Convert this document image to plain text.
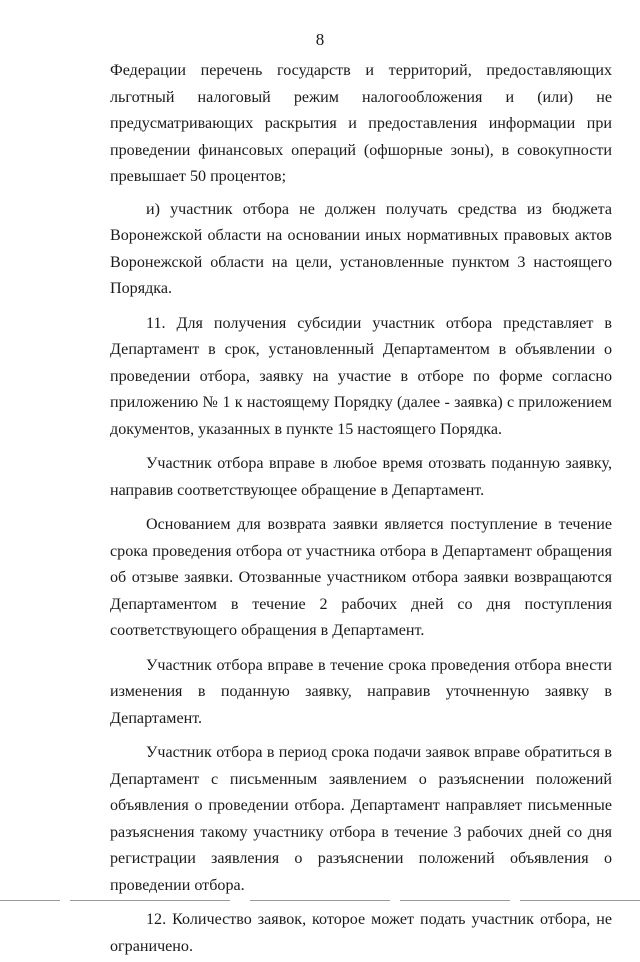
8

Федерации перечень государств и территорий, предоставляющих льготный налоговый режим налогообложения и (или) не предусматривающих раскрытия и предоставления информации при проведении финансовых операций (офшорные зоны), в совокупности превышает 50 процентов;

и) участник отбора не должен получать средства из бюджета Воронежской области на основании иных нормативных правовых актов Воронежской области на цели, установленные пунктом 3 настоящего Порядка.

11. Для получения субсидии участник отбора представляет в Департамент в срок, установленный Департаментом в объявлении о проведении отбора, заявку на участие в отборе по форме согласно приложению № 1 к настоящему Порядку (далее - заявка) с приложением документов, указанных в пункте 15 настоящего Порядка.

Участник отбора вправе в любое время отозвать поданную заявку, направив соответствующее обращение в Департамент.

Основанием для возврата заявки является поступление в течение срока проведения отбора от участника отбора в Департамент обращения об отзыве заявки. Отозванные участником отбора заявки возвращаются Департаментом в течение 2 рабочих дней со дня поступления соответствующего обращения в Департамент.

Участник отбора вправе в течение срока проведения отбора внести изменения в поданную заявку, направив уточненную заявку в Департамент.

Участник отбора в период срока подачи заявок вправе обратиться в Департамент с письменным заявлением о разъяснении положений объявления о проведении отбора. Департамент направляет письменные разъяснения такому участнику отбора в течение 3 рабочих дней со дня регистрации заявления о разъяснении положений объявления о проведении отбора.

12. Количество заявок, которое может подать участник отбора, не ограничено.
